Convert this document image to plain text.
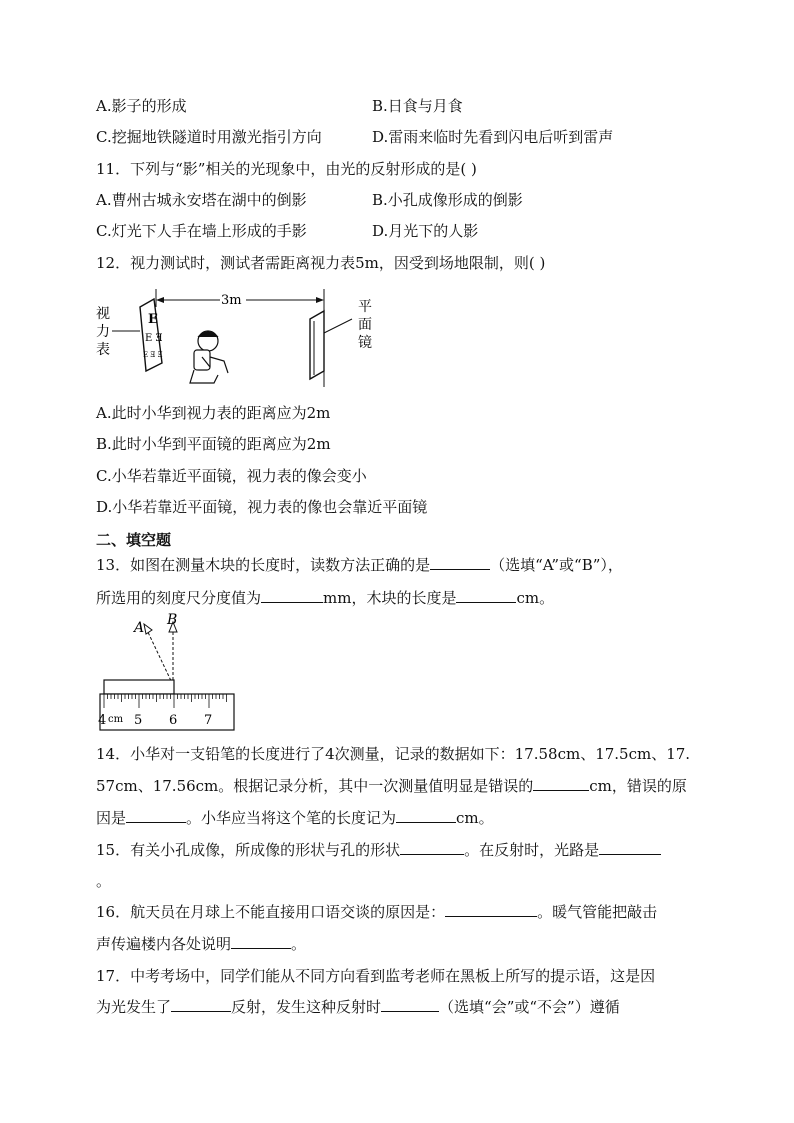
A.影子的形成	B.日食与月食
C.挖掘地铁隧道时用激光指引方向	D.雷雨来临时先看到闪电后听到雷声
11．下列与“影”相关的光现象中，由光的反射形成的是( )
A.曹州古城永安塔在湖中的倒影	B.小孔成像形成的倒影
C.灯光下人手在墙上形成的手影	D.月光下的人影
12．视力测试时，测试者需距离视力表5m，因受到场地限制，则( )
视
力
表
E
E Ǝ
E Ǝ Ǝ
3m	平
面
镜
A.此时小华到视力表的距离应为2m
B.此时小华到平面镜的距离应为2m
C.小华若靠近平面镜，视力表的像会变小
D.小华若靠近平面镜，视力表的像也会靠近平面镜
二、填空题
13．如图在测量木块的长度时，读数方法正确的是	（选填“A”或“B”），
所选用的刻度尺分度值为	mm，木块的长度是	cm。
A B
4 cm 5 6 7
14．小华对一支铅笔的长度进行了4次测量，记录的数据如下：17.58cm、17.5cm、17.
57cm、17.56cm。根据记录分析，其中一次测量值明显是错误的	cm，错误的原
因是	。小华应当将这个笔的长度记为	cm。
15．有关小孔成像，所成像的形状与孔的形状	。在反射时，光路是
。
16．航天员在月球上不能直接用口语交谈的原因是：	。暖气管能把敲击
声传遍楼内各处说明	。
17．中考考场中，同学们能从不同方向看到监考老师在黑板上所写的提示语，这是因
为光发生了	反射，发生这种反射时	（选填“会”或“不会”）遵循
